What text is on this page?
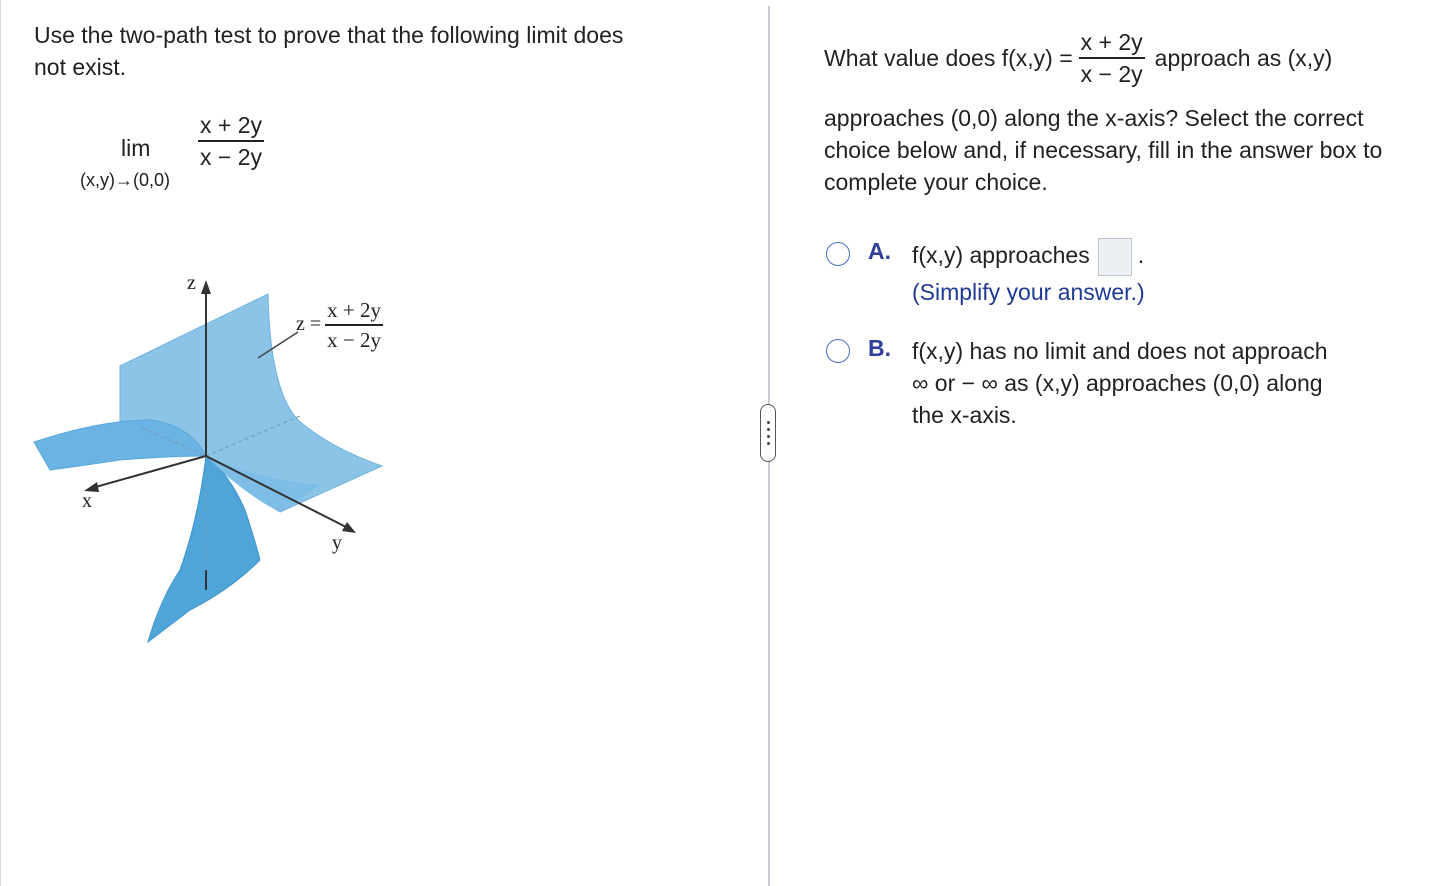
Use the two-path test to prove that the following limit does
not exist.
lim
(x,y)→(0,0)
x + 2y
x − 2y
z
x
y
$z = \frac{x + 2y}{x - 2y}$
What value does $f(x,y) = \frac{x + 2y}{x - 2y}$ approach as (x,y)
approaches (0,0) along the x-axis? Select the correct choice below and, if necessary, fill in the answer box to complete your choice.
A. f(x,y) approaches .
(Simplify your answer.)
B. f(x,y) has no limit and does not approach
∞ or − ∞ as (x,y) approaches (0,0) along
the x-axis.
